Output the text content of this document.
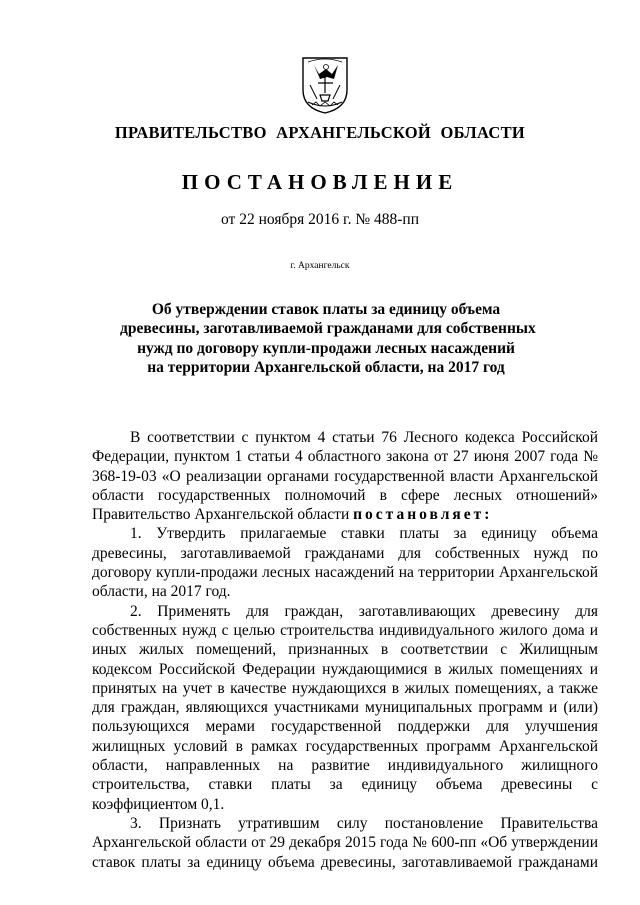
ПРАВИТЕЛЬСТВО АРХАНГЕЛЬСКОЙ ОБЛАСТИ
ПОСТАНОВЛЕНИЕ
от 22 ноября 2016 г. № 488-пп
г. Архангельск
Об утверждении ставок платы за единицу объема
древесины, заготавливаемой гражданами для собственных
нужд по договору купли-продажи лесных насаждений
на территории Архангельской области, на 2017 год

В соответствии с пунктом 4 статьи 76 Лесного кодекса Российской Федерации, пунктом 1 статьи 4 областного закона от 27 июня 2007 года № 368-19-03 «О реализации органами государственной власти Архангельской области государственных полномочий в сфере лесных отношений» Правительство Архангельской области постановляет:

1. Утвердить прилагаемые ставки платы за единицу объема древесины, заготавливаемой гражданами для собственных нужд по договору купли-продажи лесных насаждений на территории Архангельской области, на 2017 год.

2. Применять для граждан, заготавливающих древесину для собственных нужд с целью строительства индивидуального жилого дома и иных жилых помещений, признанных в соответствии с Жилищным кодексом Российской Федерации нуждающимися в жилых помещениях и принятых на учет в качестве нуждающихся в жилых помещениях, а также для граждан, являющихся участниками муниципальных программ и (или) пользующихся мерами государственной поддержки для улучшения жилищных условий в рамках государственных программ Архангельской области, направленных на развитие индивидуального жилищного строительства, ставки платы за единицу объема древесины с коэффициентом 0,1.

3. Признать утратившим силу постановление Правительства Архангельской области от 29 декабря 2015 года № 600-пп «Об утверждении ставок платы за единицу объема древесины, заготавливаемой гражданами
